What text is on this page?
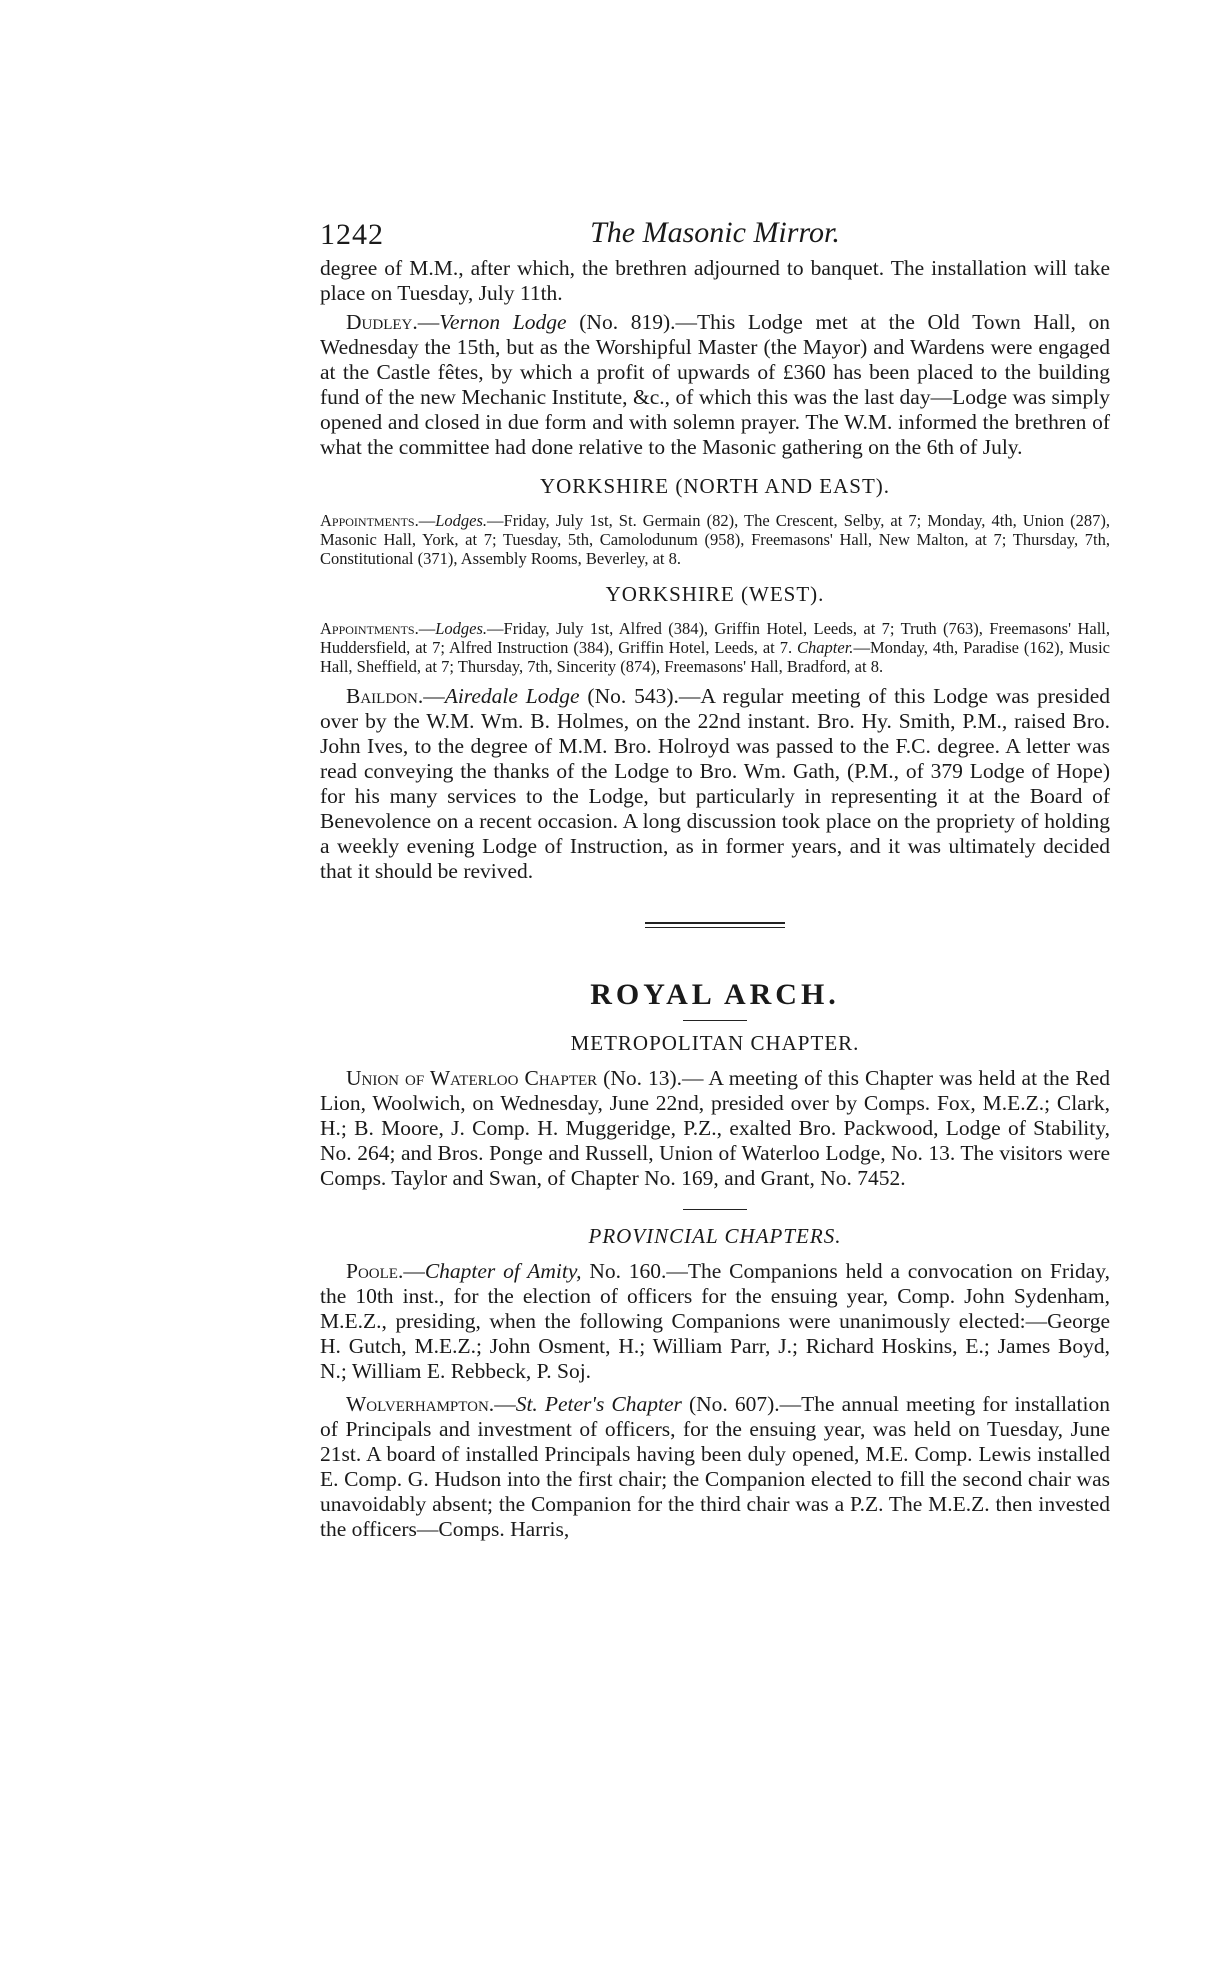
1242	The Masonic Mirror.

degree of M.M., after which, the brethren adjourned to banquet. The installation will take place on Tuesday, July 11th.

Dudley.—Vernon Lodge (No. 819).—This Lodge met at the Old Town Hall, on Wednesday the 15th, but as the Worshipful Master (the Mayor) and Wardens were engaged at the Castle fêtes, by which a profit of upwards of £360 has been placed to the building fund of the new Mechanic Institute, &c., of which this was the last day—Lodge was simply opened and closed in due form and with solemn prayer. The W.M. informed the brethren of what the committee had done relative to the Masonic gathering on the 6th of July.

YORKSHIRE (NORTH AND EAST).

Appointments.—Lodges.—Friday, July 1st, St. Germain (82), The Crescent, Selby, at 7; Monday, 4th, Union (287), Masonic Hall, York, at 7; Tuesday, 5th, Camolodunum (958), Freemasons' Hall, New Malton, at 7; Thursday, 7th, Constitutional (371), Assembly Rooms, Beverley, at 8.

YORKSHIRE (WEST).

Appointments.—Lodges.—Friday, July 1st, Alfred (384), Griffin Hotel, Leeds, at 7; Truth (763), Freemasons' Hall, Huddersfield, at 7; Alfred Instruction (384), Griffin Hotel, Leeds, at 7. Chapter.—Monday, 4th, Paradise (162), Music Hall, Sheffield, at 7; Thursday, 7th, Sincerity (874), Freemasons' Hall, Bradford, at 8.

Baildon.—Airedale Lodge (No. 543).—A regular meeting of this Lodge was presided over by the W.M. Wm. B. Holmes, on the 22nd instant. Bro. Hy. Smith, P.M., raised Bro. John Ives, to the degree of M.M. Bro. Holroyd was passed to the F.C. degree. A letter was read conveying the thanks of the Lodge to Bro. Wm. Gath, (P.M., of 379 Lodge of Hope) for his many services to the Lodge, but particularly in representing it at the Board of Benevolence on a recent occasion. A long discussion took place on the propriety of holding a weekly evening Lodge of Instruction, as in former years, and it was ultimately decided that it should be revived.

ROYAL ARCH.
METROPOLITAN CHAPTER.

Union of Waterloo Chapter (No. 13).— A meeting of this Chapter was held at the Red Lion, Woolwich, on Wednesday, June 22nd, presided over by Comps. Fox, M.E.Z.; Clark, H.; B. Moore, J. Comp. H. Muggeridge, P.Z., exalted Bro. Packwood, Lodge of Stability, No. 264; and Bros. Ponge and Russell, Union of Waterloo Lodge, No. 13. The visitors were Comps. Taylor and Swan, of Chapter No. 169, and Grant, No. 7452.

PROVINCIAL CHAPTERS.

Poole.—Chapter of Amity, No. 160.—The Companions held a convocation on Friday, the 10th inst., for the election of officers for the ensuing year, Comp. John Sydenham, M.E.Z., presiding, when the following Companions were unanimously elected:—George H. Gutch, M.E.Z.; John Osment, H.; William Parr, J.; Richard Hoskins, E.; James Boyd, N.; William E. Rebbeck, P. Soj.

Wolverhampton.—St. Peter's Chapter (No. 607).—The annual meeting for installation of Principals and investment of officers, for the ensuing year, was held on Tuesday, June 21st. A board of installed Principals having been duly opened, M.E. Comp. Lewis installed E. Comp. G. Hudson into the first chair; the Companion elected to fill the second chair was unavoidably absent; the Companion for the third chair was a P.Z. The M.E.Z. then invested the officers—Comps. Harris,
